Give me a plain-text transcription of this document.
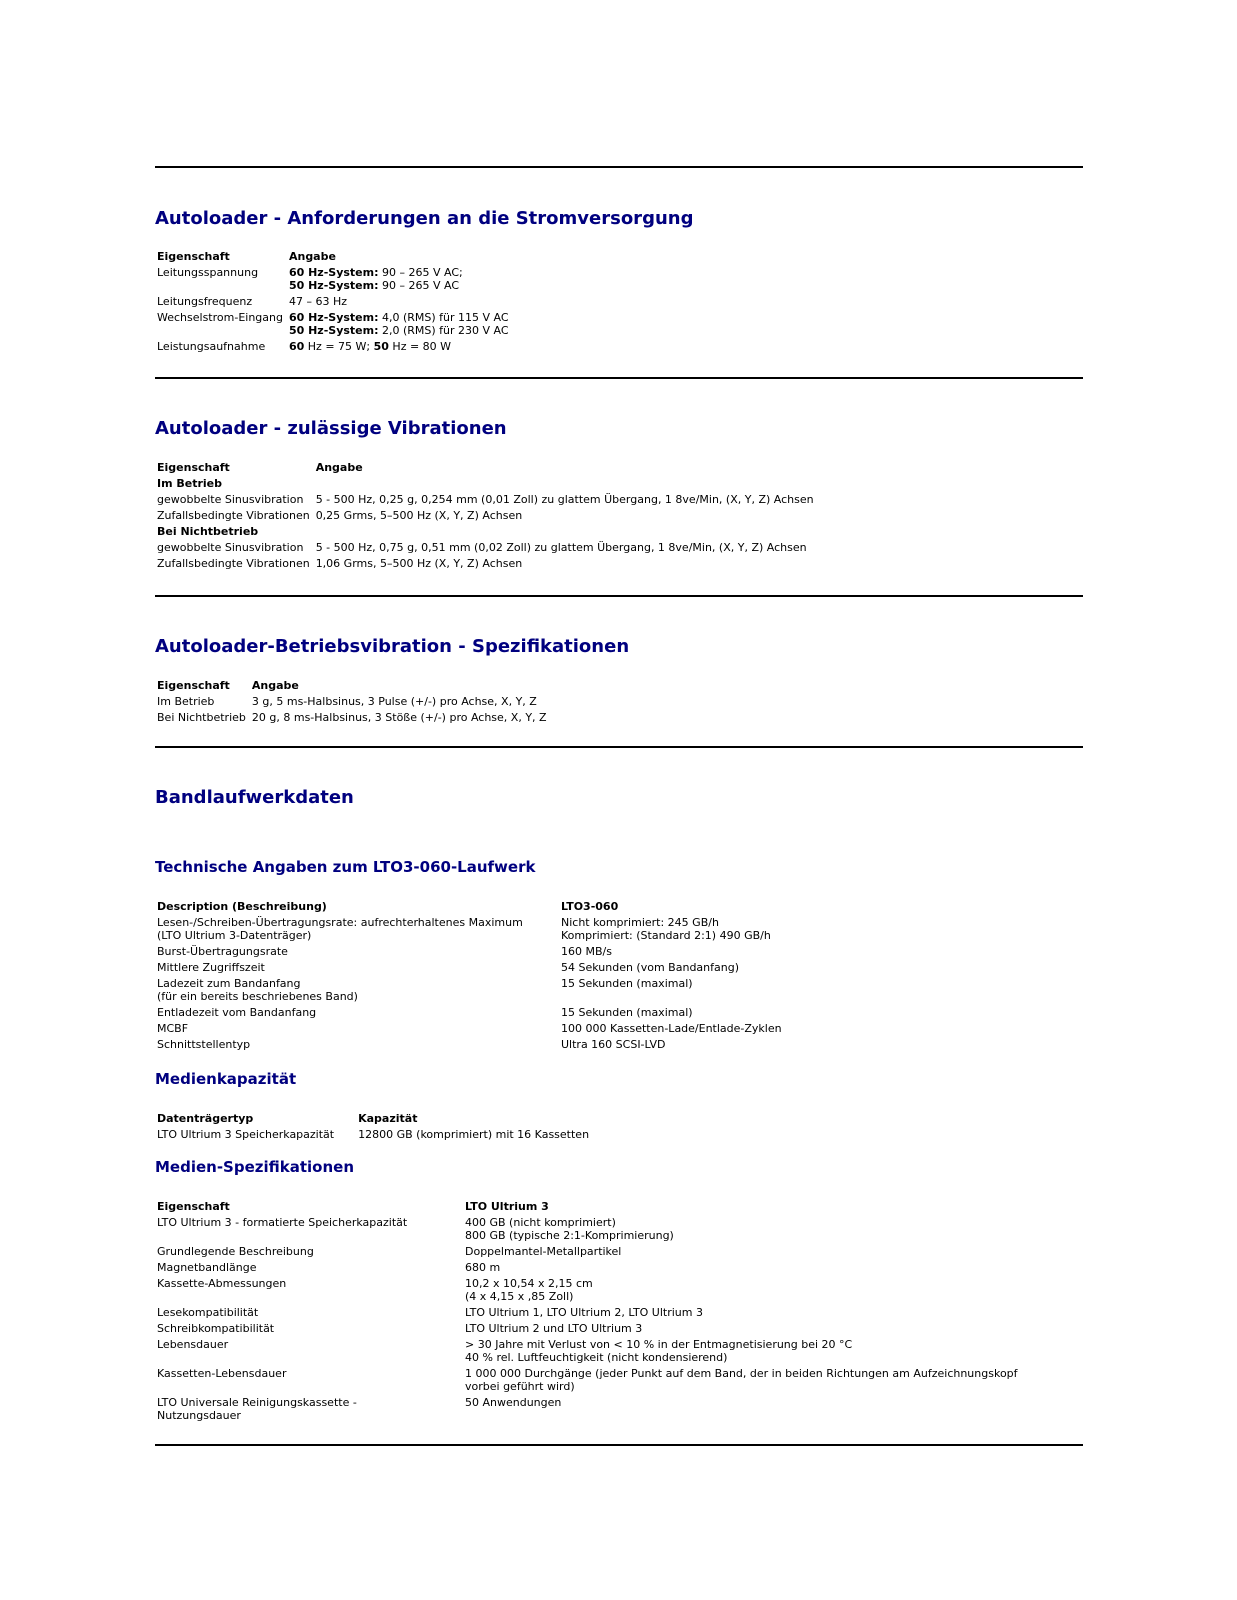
Autoloader - Anforderungen an die Stromversorgung
Eigenschaft	Angabe
Leitungsspannung	60 Hz-System: 90 – 265 V AC;
50 Hz-System: 90 – 265 V AC
Leitungsfrequenz	47 – 63 Hz
Wechselstrom-Eingang	60 Hz-System: 4,0 (RMS) für 115 V AC
50 Hz-System: 2,0 (RMS) für 230 V AC
Leistungsaufnahme	60 Hz = 75 W; 50 Hz = 80 W
Autoloader - zulässige Vibrationen
Eigenschaft	Angabe
Im Betrieb	
gewobbelte Sinusvibration	5 - 500 Hz, 0,25 g, 0,254 mm (0,01 Zoll) zu glattem Übergang, 1 8ve/Min, (X, Y, Z) Achsen
Zufallsbedingte Vibrationen	0,25 Grms, 5–500 Hz (X, Y, Z) Achsen
Bei Nichtbetrieb	
gewobbelte Sinusvibration	5 - 500 Hz, 0,75 g, 0,51 mm (0,02 Zoll) zu glattem Übergang, 1 8ve/Min, (X, Y, Z) Achsen
Zufallsbedingte Vibrationen	1,06 Grms, 5–500 Hz (X, Y, Z) Achsen
Autoloader-Betriebsvibration - Spezifikationen
Eigenschaft	Angabe
Im Betrieb	3 g, 5 ms-Halbsinus, 3 Pulse (+/-) pro Achse, X, Y, Z
Bei Nichtbetrieb	20 g, 8 ms-Halbsinus, 3 Stöße (+/-) pro Achse, X, Y, Z
Bandlaufwerkdaten
Technische Angaben zum LTO3-060-Laufwerk
Description (Beschreibung)	LTO3-060
Lesen-/Schreiben-Übertragungsrate: aufrechterhaltenes Maximum
(LTO Ultrium 3-Datenträger)	Nicht komprimiert: 245 GB/h
Komprimiert: (Standard 2:1) 490 GB/h
Burst-Übertragungsrate	160 MB/s
Mittlere Zugriffszeit	54 Sekunden (vom Bandanfang)
Ladezeit zum Bandanfang
(für ein bereits beschriebenes Band)	15 Sekunden (maximal)
Entladezeit vom Bandanfang	15 Sekunden (maximal)
MCBF	100 000 Kassetten-Lade/Entlade-Zyklen
Schnittstellentyp	Ultra 160 SCSI-LVD
Medienkapazität
Datenträgertyp	Kapazität
LTO Ultrium 3 Speicherkapazität	12800 GB (komprimiert) mit 16 Kassetten
Medien-Spezifikationen
Eigenschaft	LTO Ultrium 3
LTO Ultrium 3 - formatierte Speicherkapazität	400 GB (nicht komprimiert)
800 GB (typische 2:1-Komprimierung)
Grundlegende Beschreibung	Doppelmantel-Metallpartikel
Magnetbandlänge	680 m
Kassette-Abmessungen	10,2 x 10,54 x 2,15 cm
(4 x 4,15 x ,85 Zoll)
Lesekompatibilität	LTO Ultrium 1, LTO Ultrium 2, LTO Ultrium 3
Schreibkompatibilität	LTO Ultrium 2 und LTO Ultrium 3
Lebensdauer	> 30 Jahre mit Verlust von < 10 % in der Entmagnetisierung bei 20 °C
40 % rel. Luftfeuchtigkeit (nicht kondensierend)
Kassetten-Lebensdauer	1 000 000 Durchgänge (jeder Punkt auf dem Band, der in beiden Richtungen am Aufzeichnungskopf
vorbei geführt wird)
LTO Universale Reinigungskassette -
Nutzungsdauer	50 Anwendungen
